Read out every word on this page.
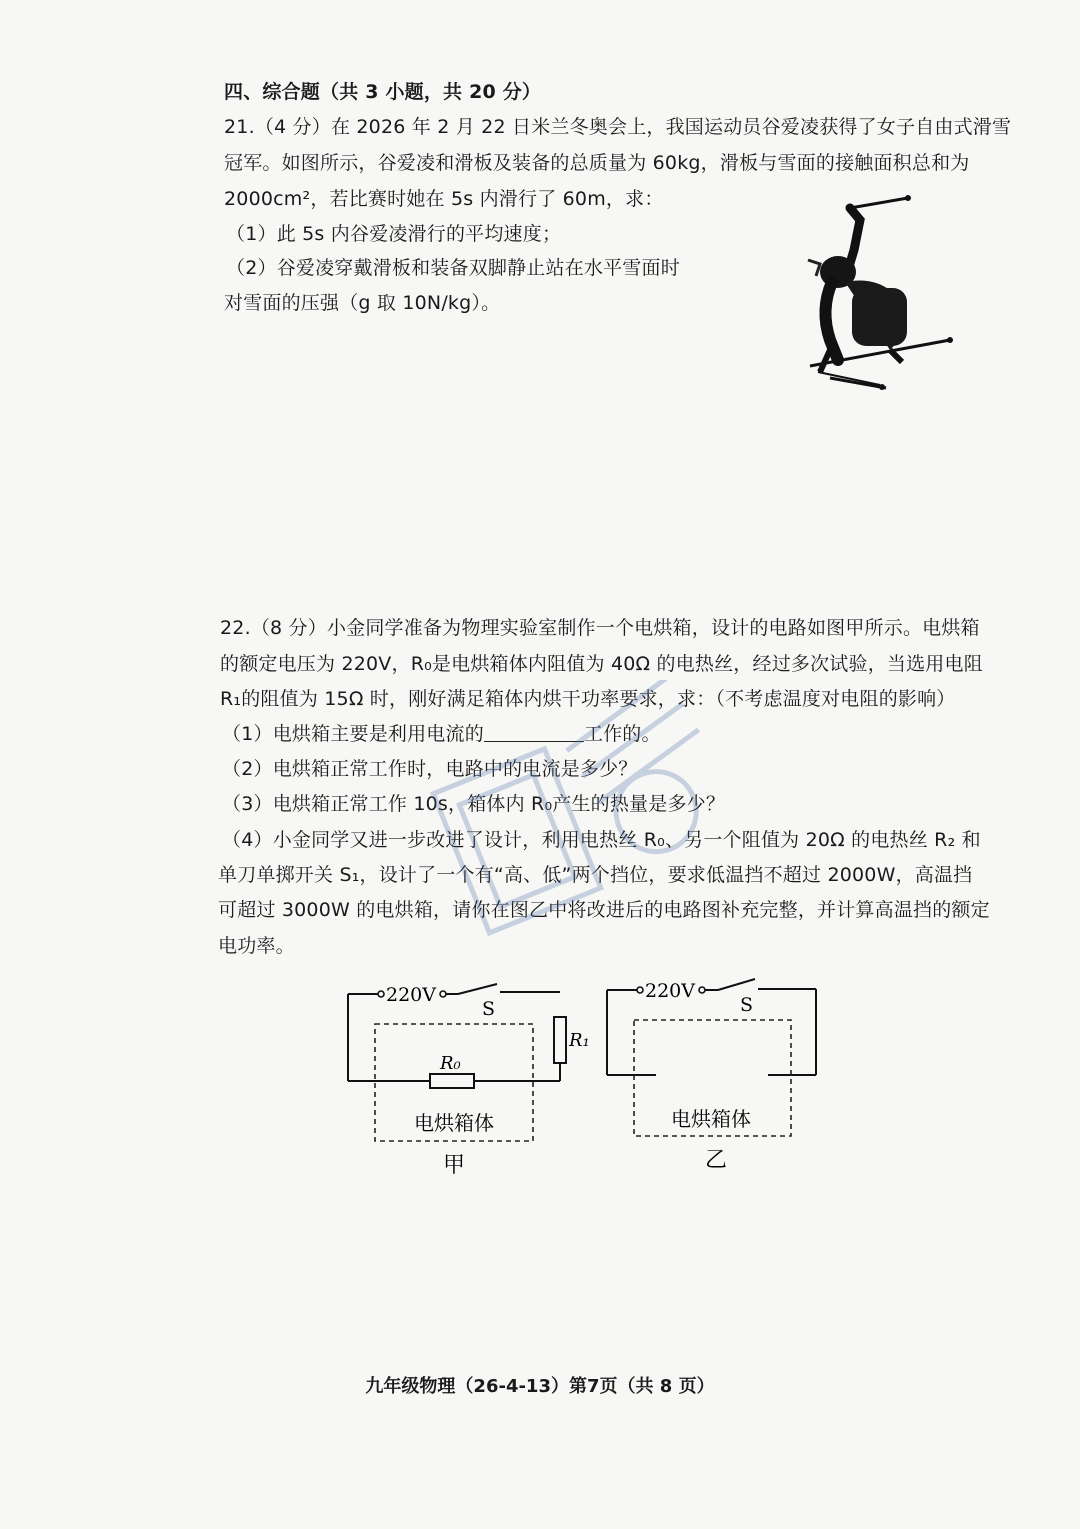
四、综合题（共 3 小题，共 20 分）
21.（4 分）在 2026 年 2 月 22 日米兰冬奥会上，我国运动员谷爱凌获得了女子自由式滑雪
冠军。如图所示，谷爱凌和滑板及装备的总质量为 60kg，滑板与雪面的接触面积总和为
2000cm²，若比赛时她在 5s 内滑行了 60m，求：
（1）此 5s 内谷爱凌滑行的平均速度；
（2）谷爱凌穿戴滑板和装备双脚静止站在水平雪面时
对雪面的压强（g 取 10N/kg）。
22.（8 分）小金同学准备为物理实验室制作一个电烘箱，设计的电路如图甲所示。电烘箱
的额定电压为 220V，R₀是电烘箱体内阻值为 40Ω 的电热丝，经过多次试验，当选用电阻
R₁的阻值为 15Ω 时，刚好满足箱体内烘干功率要求，求：（不考虑温度对电阻的影响）
（1）电烘箱主要是利用电流的	工作的。
（2）电烘箱正常工作时，电路中的电流是多少？
（3）电烘箱正常工作 10s，箱体内 R₀产生的热量是多少？
（4）小金同学又进一步改进了设计，利用电热丝 R₀、另一个阻值为 20Ω 的电热丝 R₂ 和
单刀单掷开关 S₁，设计了一个有“高、低”两个挡位，要求低温挡不超过 2000W，高温挡
可超过 3000W 的电烘箱，请你在图乙中将改进后的电路图补充完整，并计算高温挡的额定
电功率。
220V
S
R₀
R₁
电烘箱体
甲
220V
S
电烘箱体
乙
九年级物理（26-4-13）第7页（共 8 页）
